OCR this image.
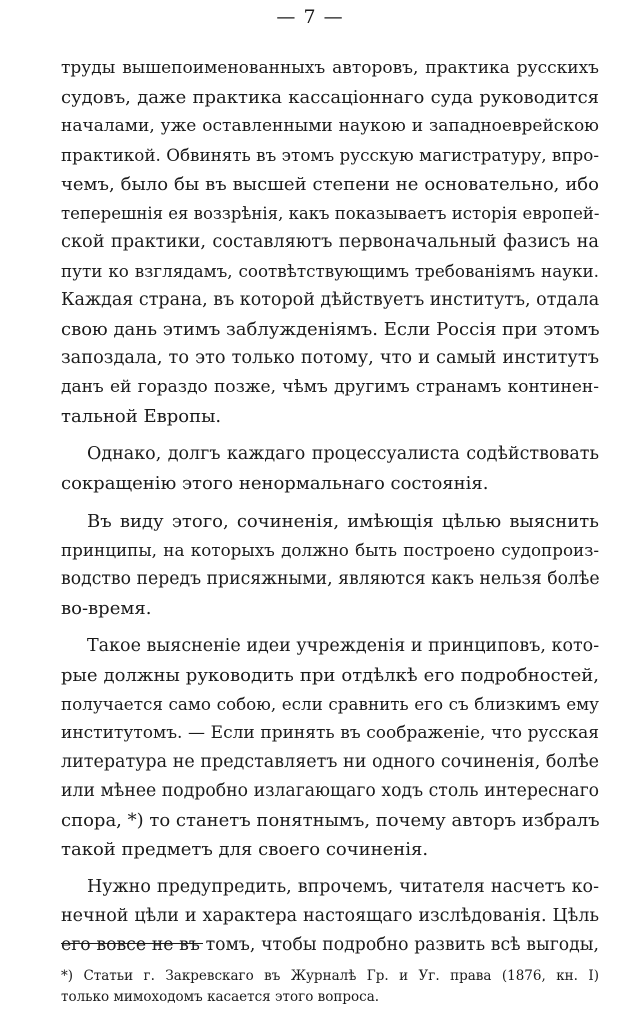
— 7 —
труды вышепоименованныхъ авторовъ, практика русскихъ
судовъ, даже практика кассаціоннаго суда руководится
началами, уже оставленными наукою и западноеврейскою
практикой. Обвинять въ этомъ русскую магистратуру, впро-
чемъ, было бы въ высшей степени не основательно, ибо
теперешнія ея воззрѣнія, какъ показываетъ исторія европей-
ской практики, составляютъ первоначальный фазисъ на
пути ко взглядамъ, соотвѣтствующимъ требованіямъ науки.
Каждая страна, въ которой дѣйствуетъ институтъ, отдала
свою дань этимъ заблужденіямъ. Если Россія при этомъ
запоздала, то это только потому, что и самый институтъ
данъ ей гораздо позже, чѣмъ другимъ странамъ континен-
тальной Европы.
Однако, долгъ каждаго процессуалиста содѣйствовать
сокращенію этого ненормальнаго состоянія.
Въ виду этого, сочиненія, имѣющія цѣлью выяснить
принципы, на которыхъ должно быть построено судопроиз-
водство передъ присяжными, являются какъ нельзя болѣе
во-время.
Такое выясненіе идеи учрежденія и принциповъ, кото-
рые должны руководить при отдѣлкѣ его подробностей,
получается само собою, если сравнить его съ близкимъ ему
институтомъ. — Если принять въ соображеніе, что русская
литература не представляетъ ни одного сочиненія, болѣе
или мѣнее подробно излагающаго ходъ столь интереснаго
спора, *) то станетъ понятнымъ, почему авторъ избралъ
такой предметъ для своего сочиненія.
Нужно предупредить, впрочемъ, читателя насчетъ ко-
нечной цѣли и характера настоящаго изслѣдованія. Цѣль
его вовсе не въ томъ, чтобы подробно развить всѣ выгоды,
*) Статьи г. Закревскаго въ Журналѣ Гр. и Уг. права (1876, кн. I)
только мимоходомъ касается этого вопроса.
